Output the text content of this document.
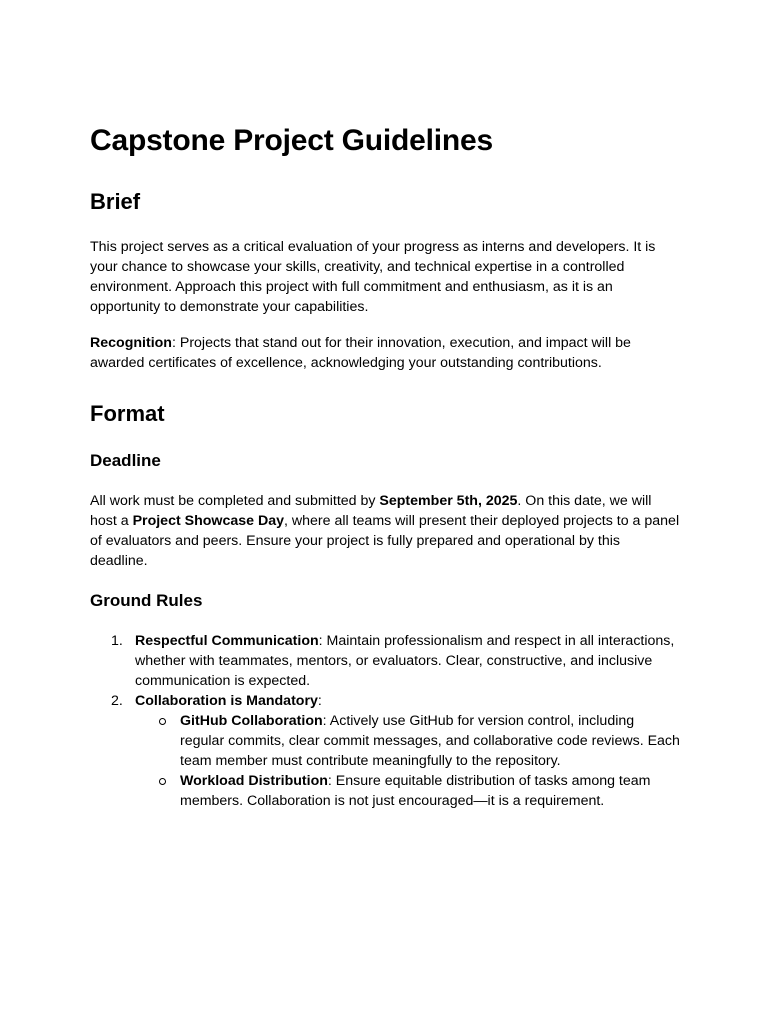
Capstone Project Guidelines
Brief

This project serves as a critical evaluation of your progress as interns and developers. It is your chance to showcase your skills, creativity, and technical expertise in a controlled environment. Approach this project with full commitment and enthusiasm, as it is an opportunity to demonstrate your capabilities.

Recognition: Projects that stand out for their innovation, execution, and impact will be awarded certificates of excellence, acknowledging your outstanding contributions.

Format
Deadline

All work must be completed and submitted by September 5th, 2025. On this date, we will host a Project Showcase Day, where all teams will present their deployed projects to a panel of evaluators and peers. Ensure your project is fully prepared and operational by this deadline.

Ground Rules
1. Respectful Communication: Maintain professionalism and respect in all interactions, whether with teammates, mentors, or evaluators. Clear, constructive, and inclusive communication is expected.
2. Collaboration is Mandatory:
GitHub Collaboration: Actively use GitHub for version control, including regular commits, clear commit messages, and collaborative code reviews. Each team member must contribute meaningfully to the repository.
Workload Distribution: Ensure equitable distribution of tasks among team members. Collaboration is not just encouraged—it is a requirement.
